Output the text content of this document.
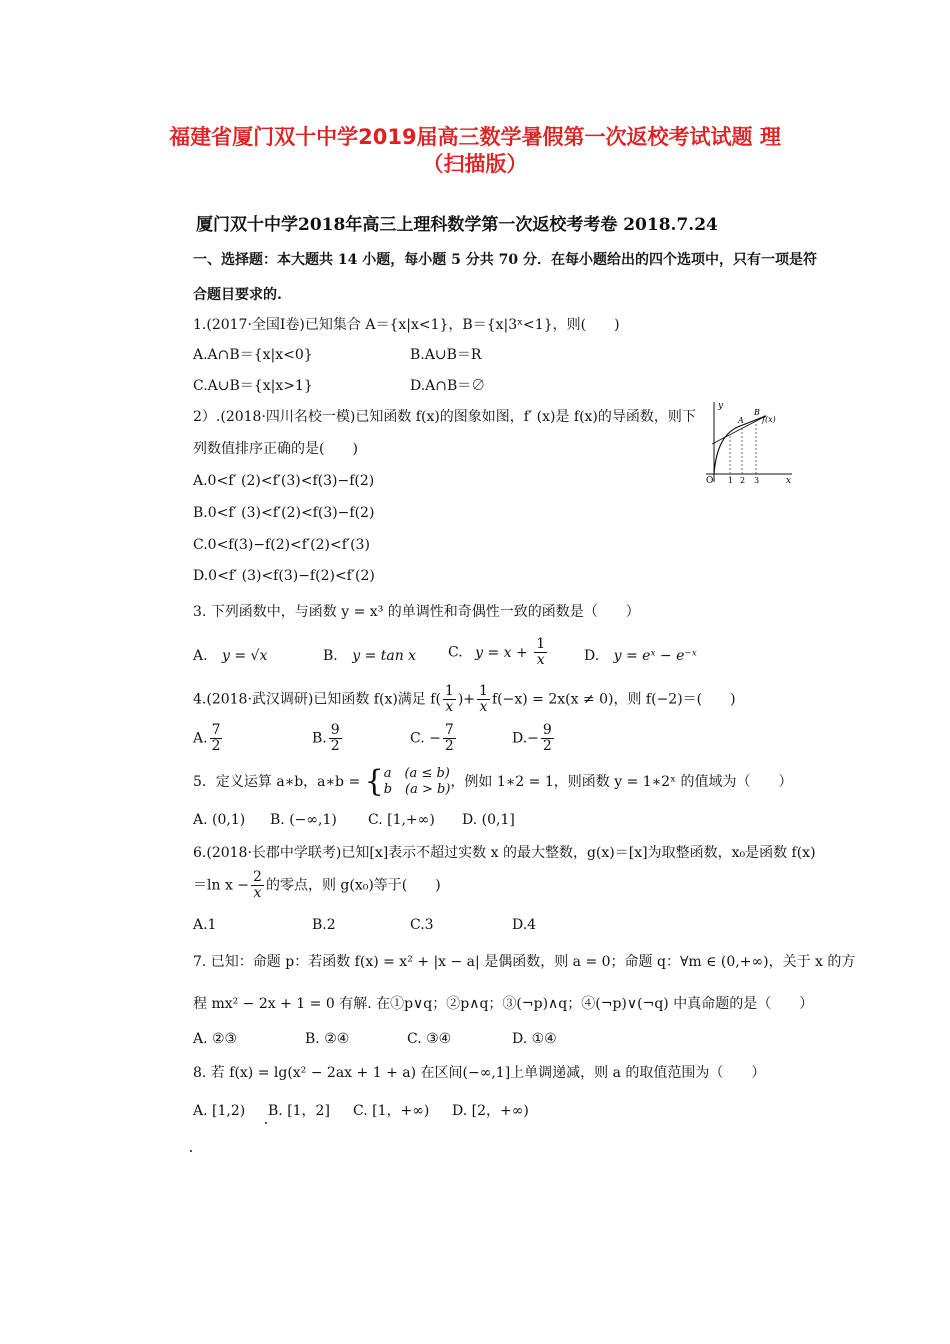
福建省厦门双十中学2019届高三数学暑假第一次返校考试试题 理
（扫描版）
厦门双十中学2018年高三上理科数学第一次返校考考卷 2018.7.24
一、选择题：本大题共 14 小题，每小题 5 分共 70 分．在每小题给出的四个选项中，只有一项是符
合题目要求的.
1.(2017·全国Ⅰ卷)已知集合 A＝{x|x<1}，B＝{x|3ˣ<1}，则(　　)
A.A∩B＝{x|x<0}	B.A∪B＝R
C.A∪B＝{x|x>1}	D.A∩B＝∅
2）.(2018·四川名校一模)已知函数 f(x)的图象如图，f′ (x)是 f(x)的导函数，则下
列数值排序正确的是(　　)
A.0<f′ (2)<f′(3)<f(3)−f(2)
B.0<f′ (3)<f′(2)<f(3)−f(2)
C.0<f(3)−f(2)<f′(2)<f′(3)
D.0<f′ (3)<f(3)−f(2)<f′(2)
y
x
O 1 2 3
A
B
f(x)
3. 下列函数中，与函数 y = x³ 的单调性和奇偶性一致的函数是（　　）
A. y = √x	B. y = tan x C. $y = x + \frac{1}{x}$	D. y = eˣ − e⁻ˣ
4.(2018·武汉调研)已知函数 f(x)满足 $f( \frac{1}{x}$ )+ $\frac{1}{x} f(-x) = 2x(x \ne 0)$，则 f(−2)＝(　　)
A. $\frac{7}{2}$	B. $\frac{9}{2}$	C. − $\frac{7}{2}$	$D.- \frac{9}{2}$
5．定义运算 a∗b，a∗b = { a　(a ≤ b)
b　(a > b) ，例如 1∗2 = 1，则函数 y = 1∗2ˣ 的值域为（　　）
A. (0,1) B. (−∞,1) C. [1,+∞) D. (0,1]
6.(2018·长郡中学联考)已知[x]表示不超过实数 x 的最大整数，g(x)＝[x]为取整函数，x₀是函数 f(x)
＝ln $x - \frac{2}{x}$ 的零点，则 g(x₀)等于(　　)
A.1	B.2	C.3	D.4
7. 已知：命题 p：若函数 f(x) = x² + |x − a| 是偶函数，则 a = 0；命题 q：∀m ∈ (0,+∞)，关于 x 的方
程 mx² − 2x + 1 = 0 有解. 在①p∨q；②p∧q；③(¬p)∧q；④(¬p)∨(¬q) 中真命题的是（　　）
A. ②③	B. ②④	C. ③④	D. ①④
8. 若 f(x) = lg(x² − 2ax + 1 + a) 在区间(−∞,1]上单调递减，则 a 的取值范围为（　　）
A. [1,2) B. [1，2] C. [1，+∞) D. [2，+∞)
